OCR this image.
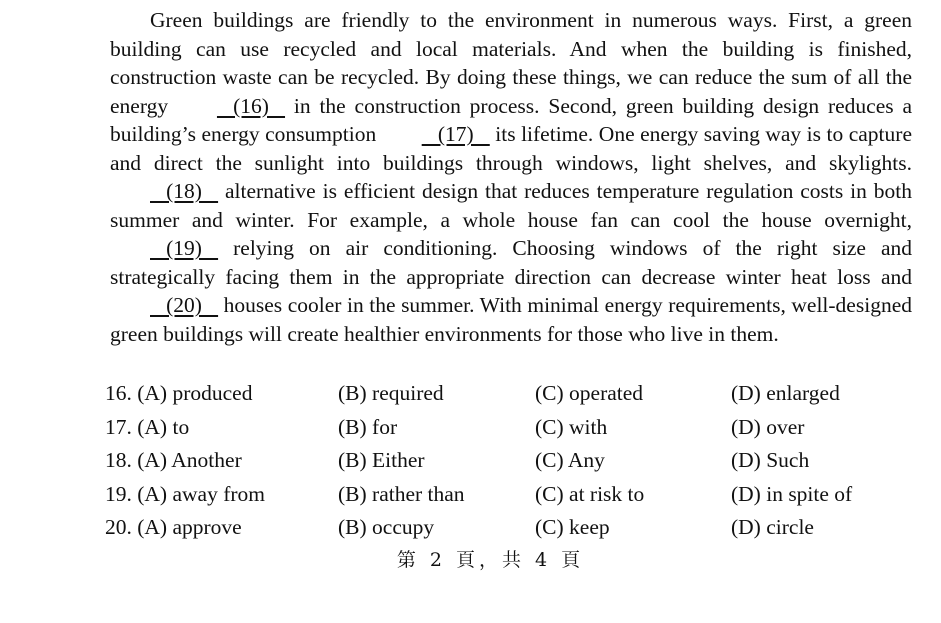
Green buildings are friendly to the environment in numerous ways. First, a green building can use recycled and local materials. And when the building is finished, construction waste can be recycled. By doing these things, we can reduce the sum of all the energy    (16)    in the construction process. Second, green building design reduces a building’s energy consumption    (17)    its lifetime. One energy saving way is to capture and direct the sunlight into buildings through windows, light shelves, and skylights.    (18)    alternative is efficient design that reduces temperature regulation costs in both summer and winter. For example, a whole house fan can cool the house overnight,    (19)    relying on air conditioning. Choosing windows of the right size and strategically facing them in the appropriate direction can decrease winter heat loss and    (20)    houses cooler in the summer. With minimal energy requirements, well-designed green buildings will create healthier environments for those who live in them.

16. (A) produced	(B) required	(C) operated	(D) enlarged
17. (A) to	(B) for	(C) with	(D) over
18. (A) Another	(B) Either	(C) Any	(D) Such
19. (A) away from	(B) rather than	(C) at risk to	(D) in spite of
20. (A) approve	(B) occupy	(C) keep	(D) circle
第 2 頁，共 4 頁
